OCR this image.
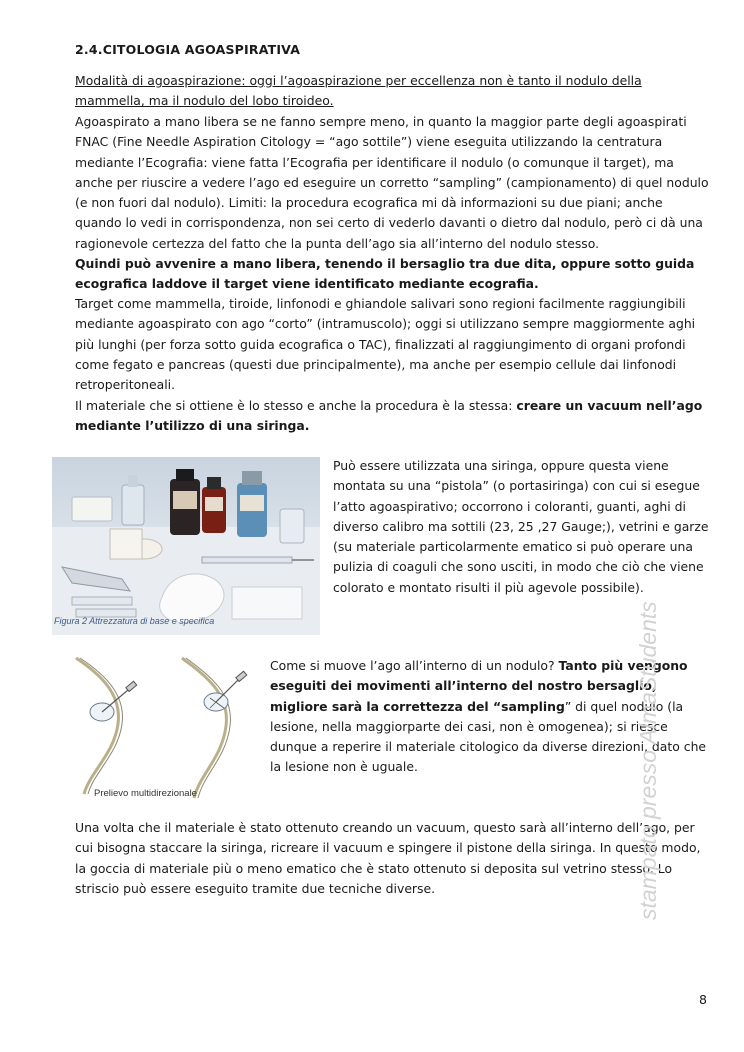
2.4.CITOLOGIA AGOASPIRATIVA

Modalità di agoaspirazione: oggi l’agoaspirazione per eccellenza non è tanto il nodulo della mammella, ma il nodulo del lobo tiroideo.

Agoaspirato a mano libera se ne fanno sempre meno, in quanto la maggior parte degli agoaspirati FNAC (Fine Needle Aspiration Citology = “ago sottile”) viene eseguita utilizzando la centratura mediante l’Ecografia: viene fatta l’Ecografia per identificare il nodulo (o comunque il target), ma anche per riuscire a vedere l’ago ed eseguire un corretto “sampling” (campionamento) di quel nodulo (e non fuori dal nodulo). Limiti: la procedura ecografica mi dà informazioni su due piani; anche quando lo vedi in corrispondenza, non sei certo di vederlo davanti o dietro dal nodulo, però ci dà una ragionevole certezza del fatto che la punta dell’ago sia all’interno del nodulo stesso.
Quindi può avvenire a mano libera, tenendo il bersaglio tra due dita, oppure sotto guida ecografica laddove il target viene identificato mediante ecografia.

Target come mammella, tiroide, linfonodi e ghiandole salivari sono regioni facilmente raggiungibili mediante agoaspirato con ago “corto” (intramuscolo); oggi si utilizzano sempre maggiormente aghi più lunghi (per forza sotto guida ecografica o TAC), finalizzati al raggiungimento di organi profondi come fegato e pancreas (questi due principalmente), ma anche per esempio cellule dai linfonodi retroperitoneali.

Il materiale che si ottiene è lo stesso e anche la procedura è la stessa: creare un vacuum nell’ago mediante l’utilizzo di una siringa.

Figura 2 Attrezzatura di base e specifica

Può essere utilizzata una siringa, oppure questa viene montata su una “pistola” (o portasiringa) con cui si esegue l’atto agoaspirativo; occorrono i coloranti, guanti, aghi di diverso calibro ma sottili (23, 25 ,27 Gauge;), vetrini e garze (su materiale particolarmente ematico si può operare una pulizia di coaguli che sono usciti, in modo che ciò che viene colorato e montato risulti il più agevole possibile).

Prelievo multidirezionale

Come si muove l’ago all’interno di un nodulo? Tanto più vengono eseguiti dei movimenti all’interno del nostro bersaglio, migliore sarà la correttezza del “sampling” di quel nodulo (la lesione, nella maggiorparte dei casi, non è omogenea); si riesce dunque a reperire il materiale citologico da diverse direzioni, dato che la lesione non è uguale.

Una volta che il materiale è stato ottenuto creando un vacuum, questo sarà all’interno dell’ago, per cui bisogna staccare la siringa, ricreare il vacuum e spingere il pistone della siringa. In questo modo, la goccia di materiale più o meno ematico che è stato ottenuto si deposita sul vetrino stesso. Lo striscio può essere eseguito tramite due tecniche diverse.	stampato presso AlmaStudents
8
